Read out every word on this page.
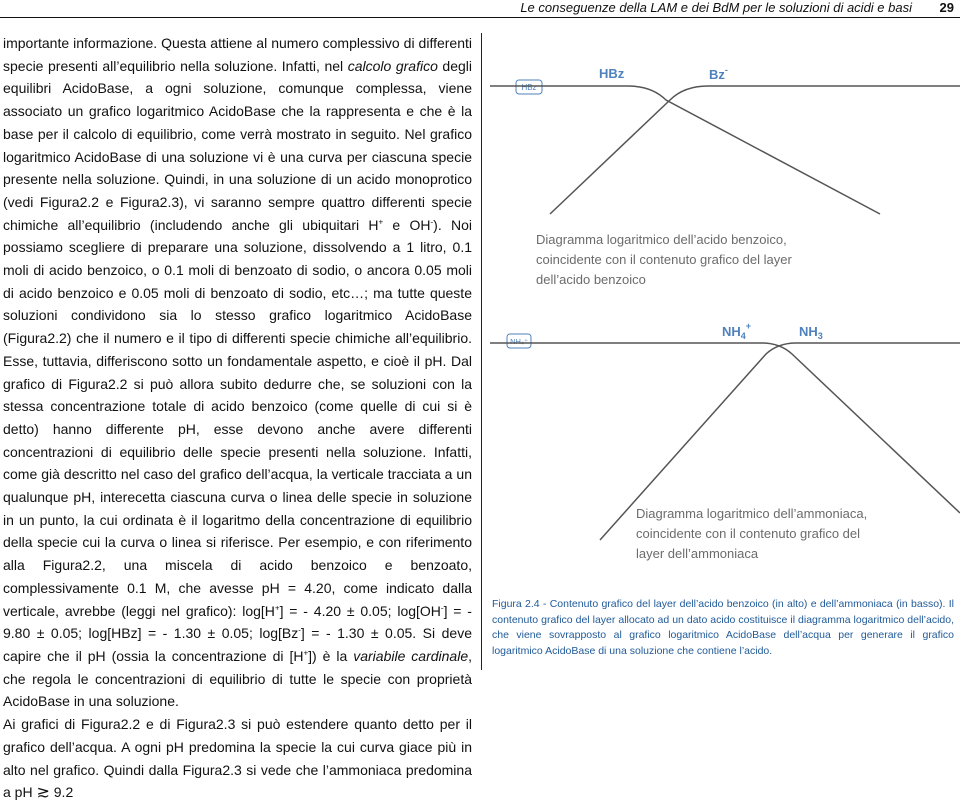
Le conseguenze della LAM e dei BdM per le soluzioni di acidi e basi 29

importante informazione. Questa attiene al numero complessivo di differenti specie presenti all’equilibrio nella soluzione. Infatti, nel calcolo grafico degli equilibri AcidoBase, a ogni soluzione, comunque complessa, viene associato un grafico logaritmico AcidoBase che la rappresenta e che è la base per il calcolo di equilibrio, come verrà mostrato in seguito. Nel grafico logaritmico AcidoBase di una soluzione vi è una curva per ciascuna specie presente nella soluzione. Quindi, in una soluzione di un acido monoprotico (vedi Figura2.2 e Figura2.3), vi saranno sempre quattro differenti specie chimiche all’equilibrio (includendo anche gli ubiquitari H+ e OH-). Noi possiamo scegliere di preparare una soluzione, dissolvendo a 1 litro, 0.1 moli di acido benzoico, o 0.1 moli di benzoato di sodio, o ancora 0.05 moli di acido benzoico e 0.05 moli di benzoato di sodio, etc…; ma tutte queste soluzioni condividono sia lo stesso grafico logaritmico AcidoBase (Figura2.2) che il numero e il tipo di differenti specie chimiche all’equilibrio. Esse, tuttavia, differiscono sotto un fondamentale aspetto, e cioè il pH. Dal grafico di Figura2.2 si può allora subito dedurre che, se soluzioni con la stessa concentrazione totale di acido benzoico (come quelle di cui si è detto) hanno differente pH, esse devono anche avere differenti concentrazioni di equilibrio delle specie presenti nella soluzione. Infatti, come già descritto nel caso del grafico dell’acqua, la verticale tracciata a un qualunque pH, interecetta ciascuna curva o linea delle specie in soluzione in un punto, la cui ordinata è il logaritmo della concentrazione di equilibrio della specie cui la curva o linea si riferisce. Per esempio, e con riferimento alla Figura2.2, una miscela di acido benzoico e benzoato, complessivamente 0.1 M, che avesse pH = 4.20, come indicato dalla verticale, avrebbe (leggi nel grafico): log[H+] = - 4.20 ± 0.05; log[OH-] = - 9.80 ± 0.05; log[HBz] = - 1.30 ± 0.05; log[Bz-] = - 1.30 ± 0.05. Si deve capire che il pH (ossia la concentrazione di [H+]) è la variabile cardinale, che regola le concentrazioni di equilibrio di tutte le specie con proprietà AcidoBase in una soluzione.

Ai grafici di Figura2.2 e di Figura2.3 si può estendere quanto detto per il grafico dell’acqua. A ogni pH predomina la specie la cui curva giace più in alto nel grafico. Quindi dalla Figura2.3 si vede che l’ammoniaca predomina a pH ≳ 9.2

HBz
HBz	Bz-
NH₄⁺
$NH_4^+$	$NH_3$
Diagramma logaritmico dell’acido benzoico,
coincidente con il contenuto grafico del layer
dell’acido benzoico
Diagramma logaritmico dell’ammoniaca,
coincidente con il contenuto grafico del
layer dell’ammoniaca
Figura 2.4 - Contenuto grafico del layer dell’acido benzoico (in alto) e dell’ammoniaca (in basso). Il contenuto grafico del layer allocato ad un dato acido costituisce il diagramma logaritmico dell’acido, che viene sovrapposto al grafico logaritmico AcidoBase dell’acqua per generare il grafico logaritmico AcidoBase di una soluzione che contiene l’acido.
